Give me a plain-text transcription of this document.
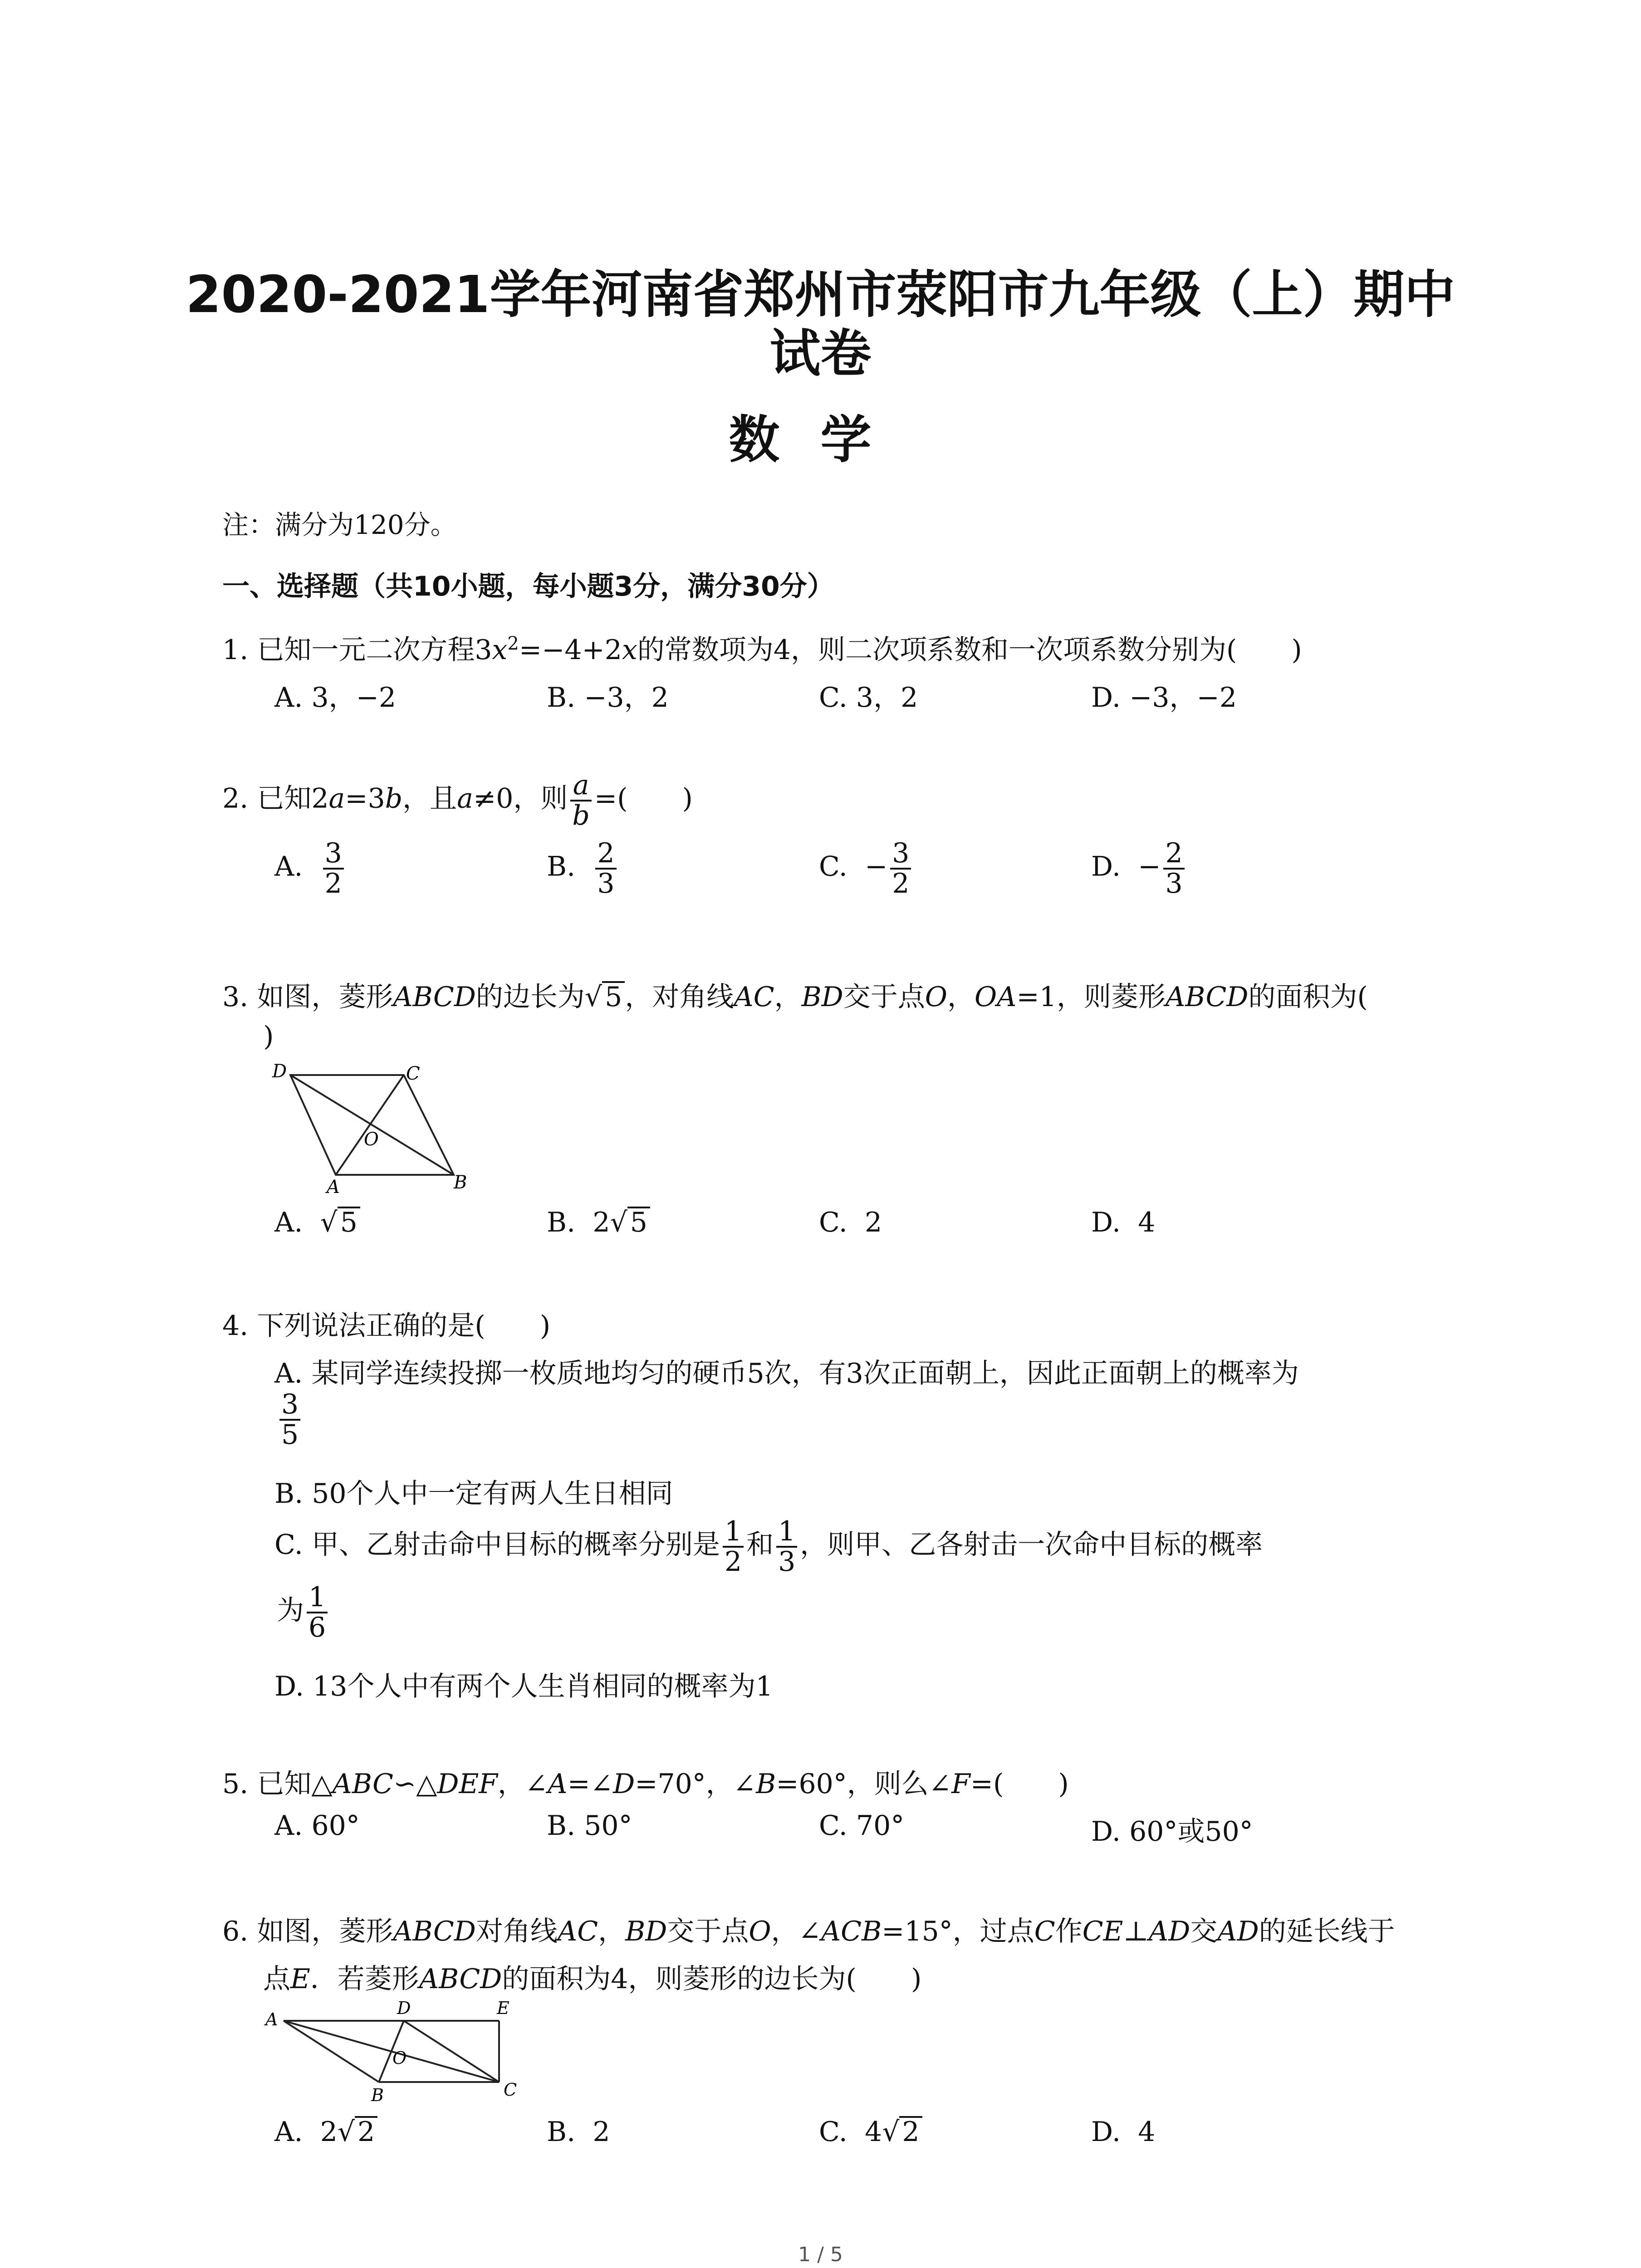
2020-2021学年河南省郑州市荥阳市九年级（上）期中
试卷
数学
注：满分为120分。
一、选择题（共10小题，每小题3分，满分30分）
1. 已知一元二次方程$3x^2=-4+2x$的常数项为4，则二次项系数和一次项系数分别为(　　)
A. 3，−2	B. −3，2	C. 3，2	D. −3，−2
2. 已知2a=3b，且a≠0，则 $\frac{a}{b}$ =(　　)
A. $\frac{3}{2}$	B. $\frac{2}{3}$	C. − $\frac{3}{2}$	D. − $\frac{2}{3}$
3. 如图，菱形ABCD的边长为√ 5 ，对角线AC，BD交于点O，OA=1，则菱形ABCD的面积为(
)
D	C
O
A	B
A. √ 5	B. 2√ 5	C. 2	D. 4
4. 下列说法正确的是(　　)
A. 某同学连续投掷一枚质地均匀的硬币5次，有3次正面朝上，因此正面朝上的概率为
$\frac{3}{5}$
B. 50个人中一定有两人生日相同
C. 甲、乙射击命中目标的概率分别是 $\frac{1}{2}$ 和 $\frac{1}{3}$ ，则甲、乙各射击一次命中目标的概率
为 $\frac{1}{6}$
D. 13个人中有两个人生肖相同的概率为1
5. 已知△ABC∽△DEF，∠A=∠D=70°，∠B=60°，则么∠F=(　　)
A. 60°	B. 50°	C. 70°	D. 60°或50°
6. 如图，菱形ABCD对角线AC，BD交于点O，∠ACB=15°，过点C作CE⊥AD交AD的延长线于
点E．若菱形ABCD的面积为4，则菱形的边长为(　　)
A
D	E
O
B	C
A. 2√ 2	B. 2	C. 4√ 2	D. 4
1 / 5
